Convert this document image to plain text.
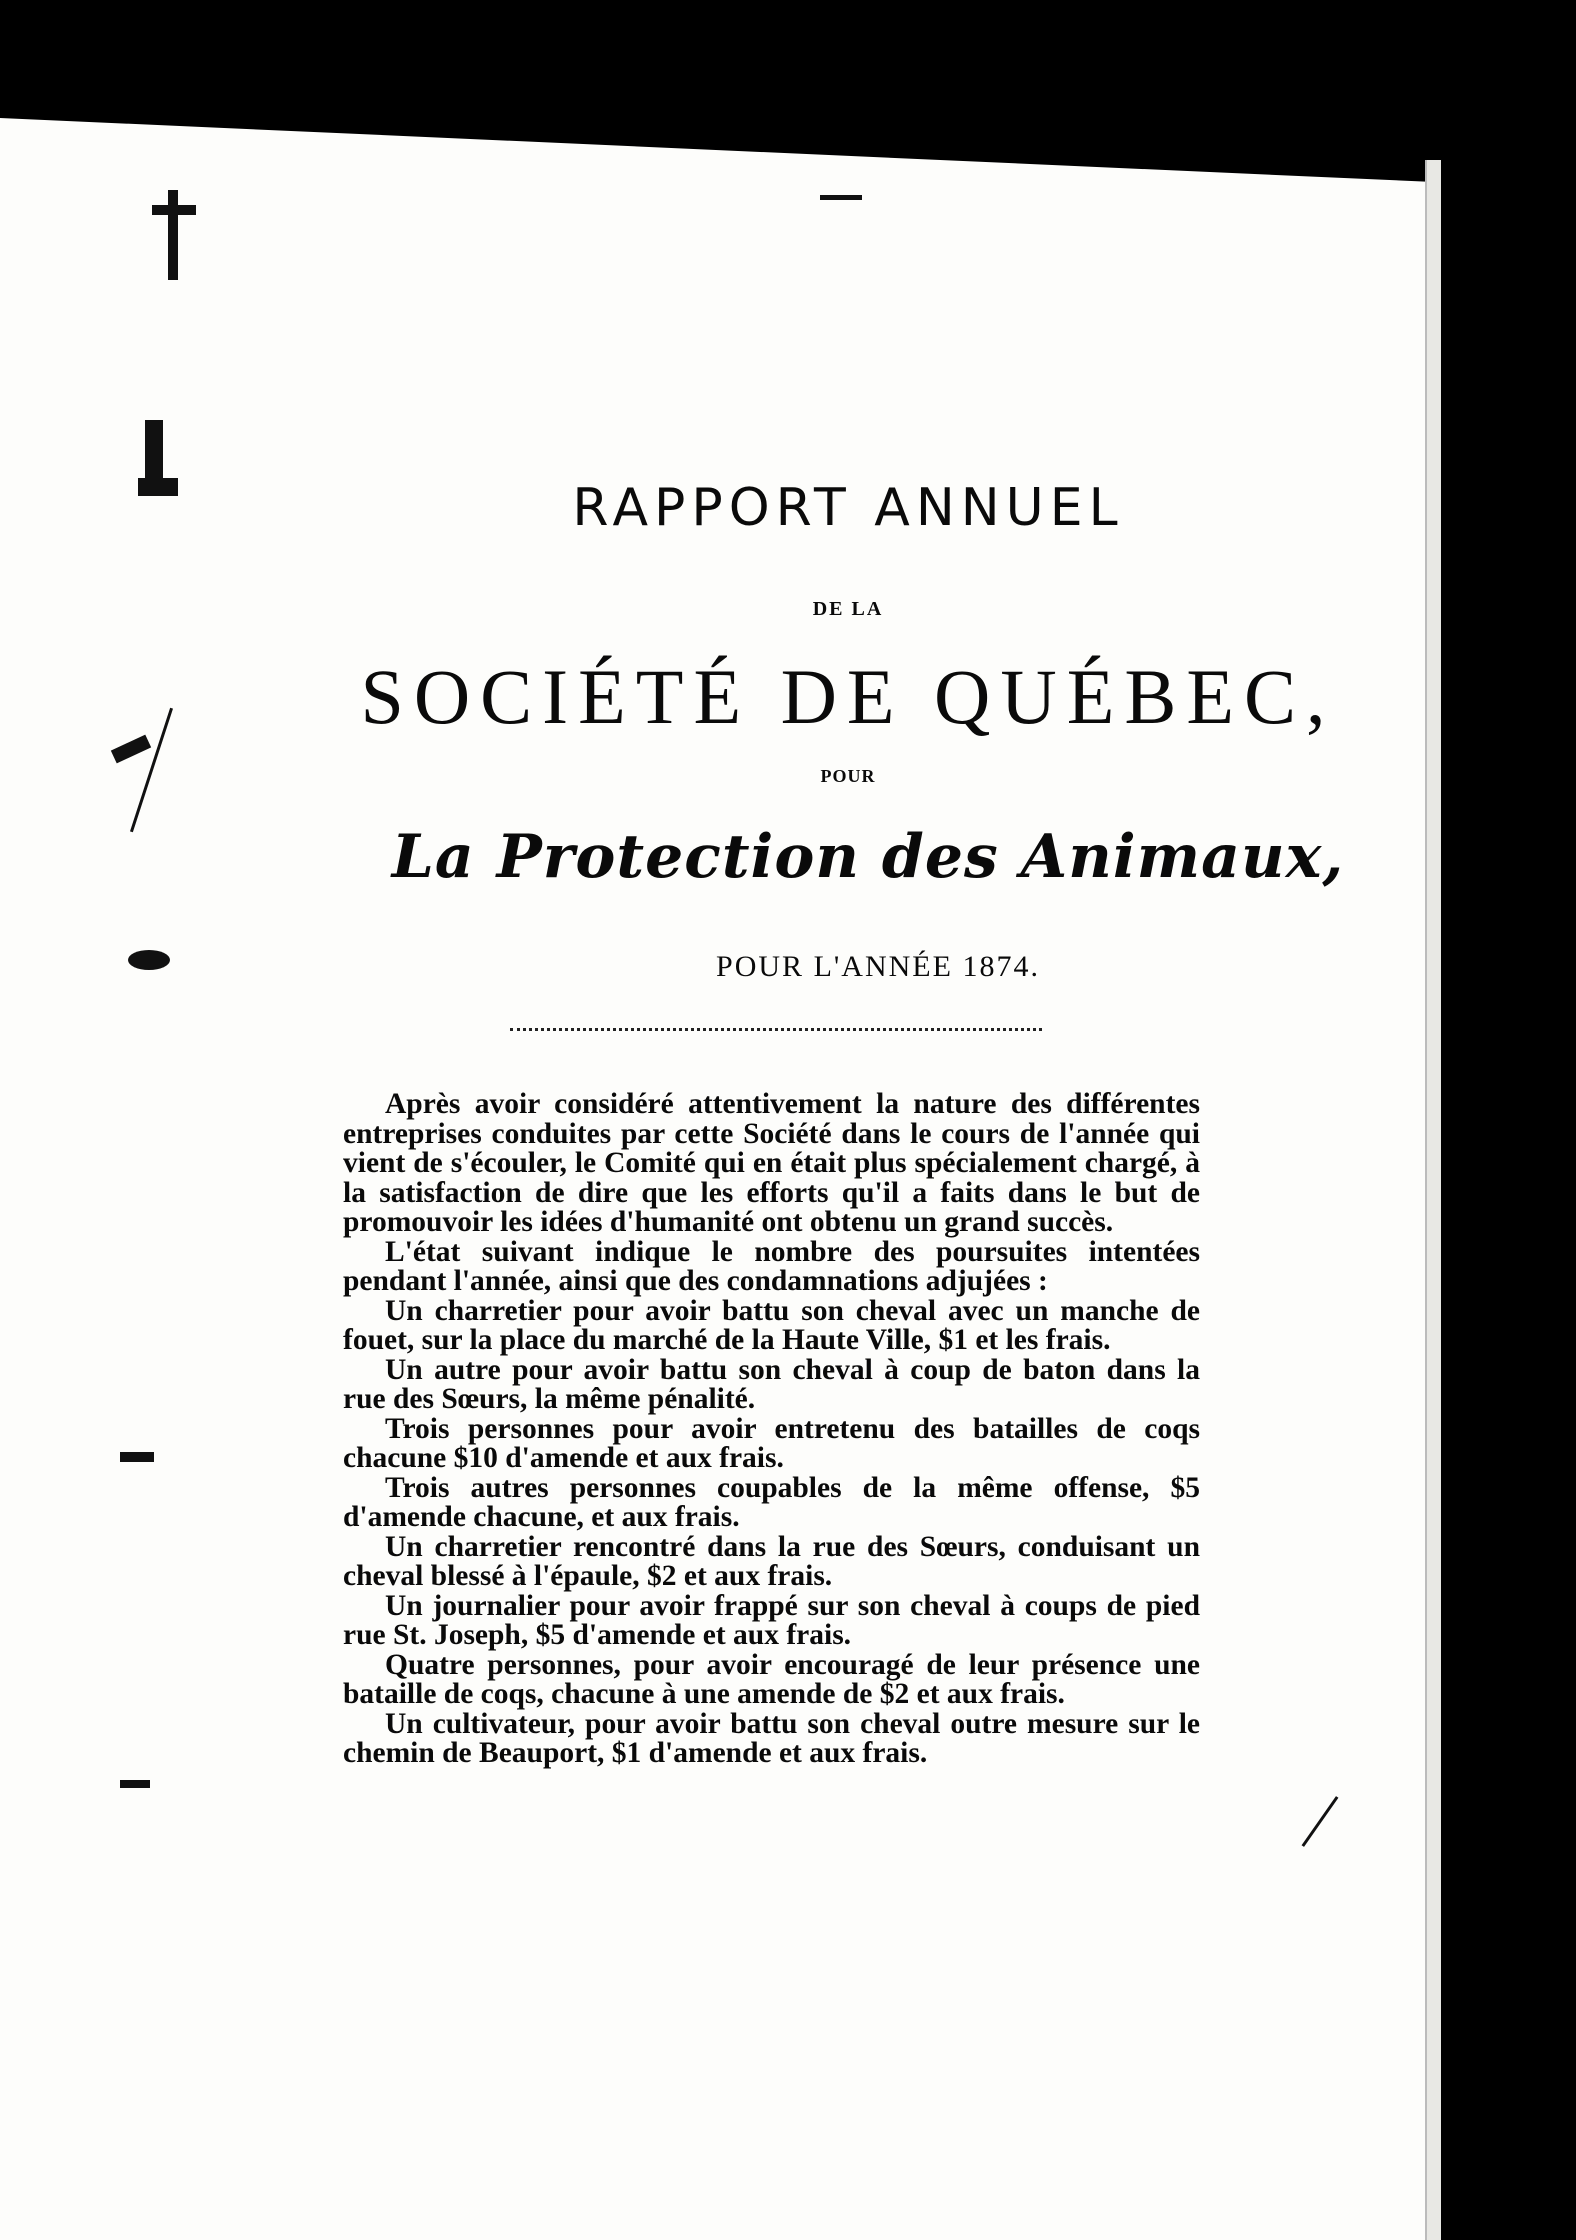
RAPPORT ANNUEL
DE LA
SOCIÉTÉ DE QUÉBEC,
POUR
La Protection des Animaux,
POUR L'ANNÉE 1874.

Après avoir considéré attentivement la nature des différentes entreprises conduites par cette Société dans le cours de l'année qui vient de s'écouler, le Comité qui en était plus spécialement chargé, à la satisfaction de dire que les efforts qu'il a faits dans le but de promouvoir les idées d'humanité ont obtenu un grand succès.

L'état suivant indique le nombre des poursuites intentées pendant l'année, ainsi que des condamnations adjujées :

Un charretier pour avoir battu son cheval avec un manche de fouet, sur la place du marché de la Haute Ville, $1 et les frais.

Un autre pour avoir battu son cheval à coup de baton dans la rue des Sœurs, la même pénalité.

Trois personnes pour avoir entretenu des batailles de coqs chacune $10 d'amende et aux frais.

Trois autres personnes coupables de la même offense, $5 d'amende chacune, et aux frais.

Un charretier rencontré dans la rue des Sœurs, conduisant un cheval blessé à l'épaule, $2 et aux frais.

Un journalier pour avoir frappé sur son cheval à coups de pied rue St. Joseph, $5 d'amende et aux frais.

Quatre personnes, pour avoir encouragé de leur présence une bataille de coqs, chacune à une amende de $2 et aux frais.

Un cultivateur, pour avoir battu son cheval outre mesure sur le chemin de Beauport, $1 d'amende et aux frais.
